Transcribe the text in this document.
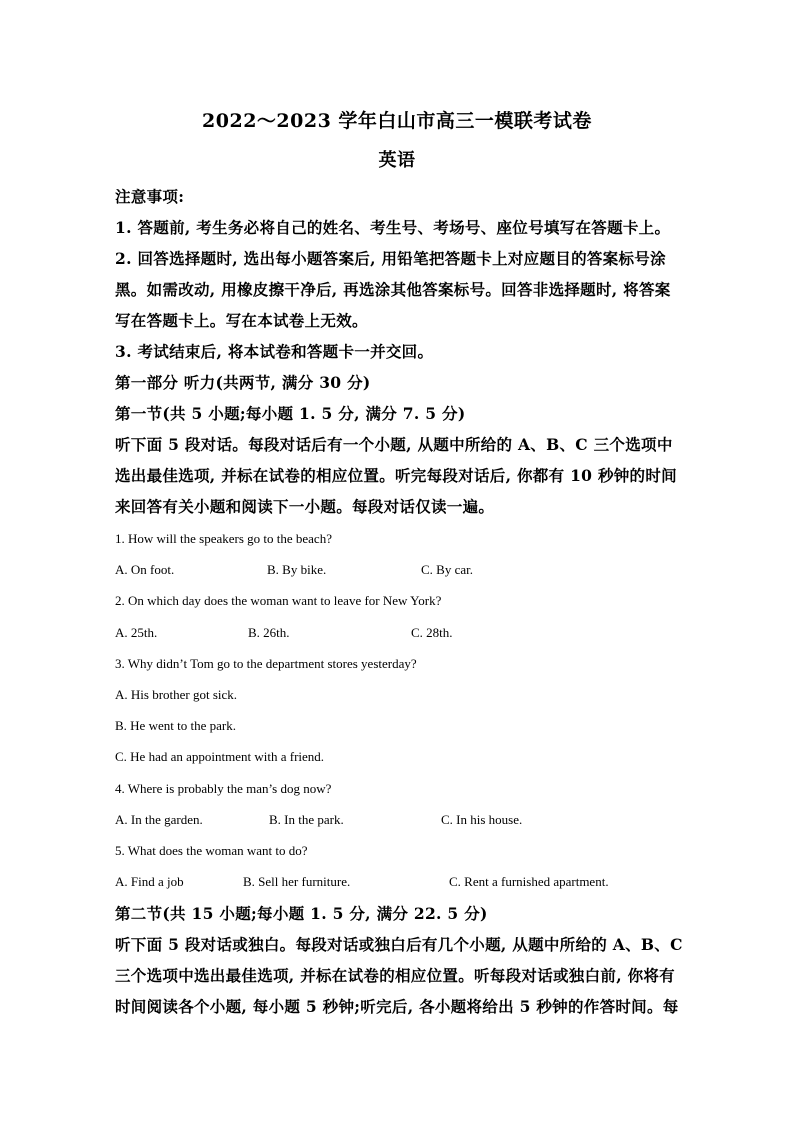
2022～2023 学年白山市高三一模联考试卷
英语
注意事项:
1. 答题前, 考生务必将自己的姓名、考生号、考场号、座位号填写在答题卡上。
2. 回答选择题时, 选出每小题答案后, 用铅笔把答题卡上对应题目的答案标号涂黑。如需改动, 用橡皮擦干净后, 再选涂其他答案标号。回答非选择题时, 将答案写在答题卡上。写在本试卷上无效。
3. 考试结束后, 将本试卷和答题卡一并交回。
第一部分 听力(共两节, 满分 30 分)
第一节(共 5 小题;每小题 1. 5 分, 满分 7. 5 分)
听下面 5 段对话。每段对话后有一个小题, 从题中所给的 A、B、C 三个选项中选出最佳选项, 并标在试卷的相应位置。听完每段对话后, 你都有 10 秒钟的时间来回答有关小题和阅读下一小题。每段对话仅读一遍。
1. How will the speakers go to the beach?
A. On foot.	B. By bike.	C. By car.
2. On which day does the woman want to leave for New York?
A. 25th.	B. 26th.	C. 28th.
3. Why didn’t Tom go to the department stores yesterday?
A. His brother got sick.
B. He went to the park.
C. He had an appointment with a friend.
4. Where is probably the man’s dog now?
A. In the garden.	B. In the park.	C. In his house.
5. What does the woman want to do?
A. Find a job	B. Sell her furniture.	C. Rent a furnished apartment.
第二节(共 15 小题;每小题 1. 5 分, 满分 22. 5 分)
听下面 5 段对话或独白。每段对话或独白后有几个小题, 从题中所给的 A、B、C 三个选项中选出最佳选项, 并标在试卷的相应位置。听每段对话或独白前, 你将有时间阅读各个小题, 每小题 5 秒钟;听完后, 各小题将给出 5 秒钟的作答时间。每
